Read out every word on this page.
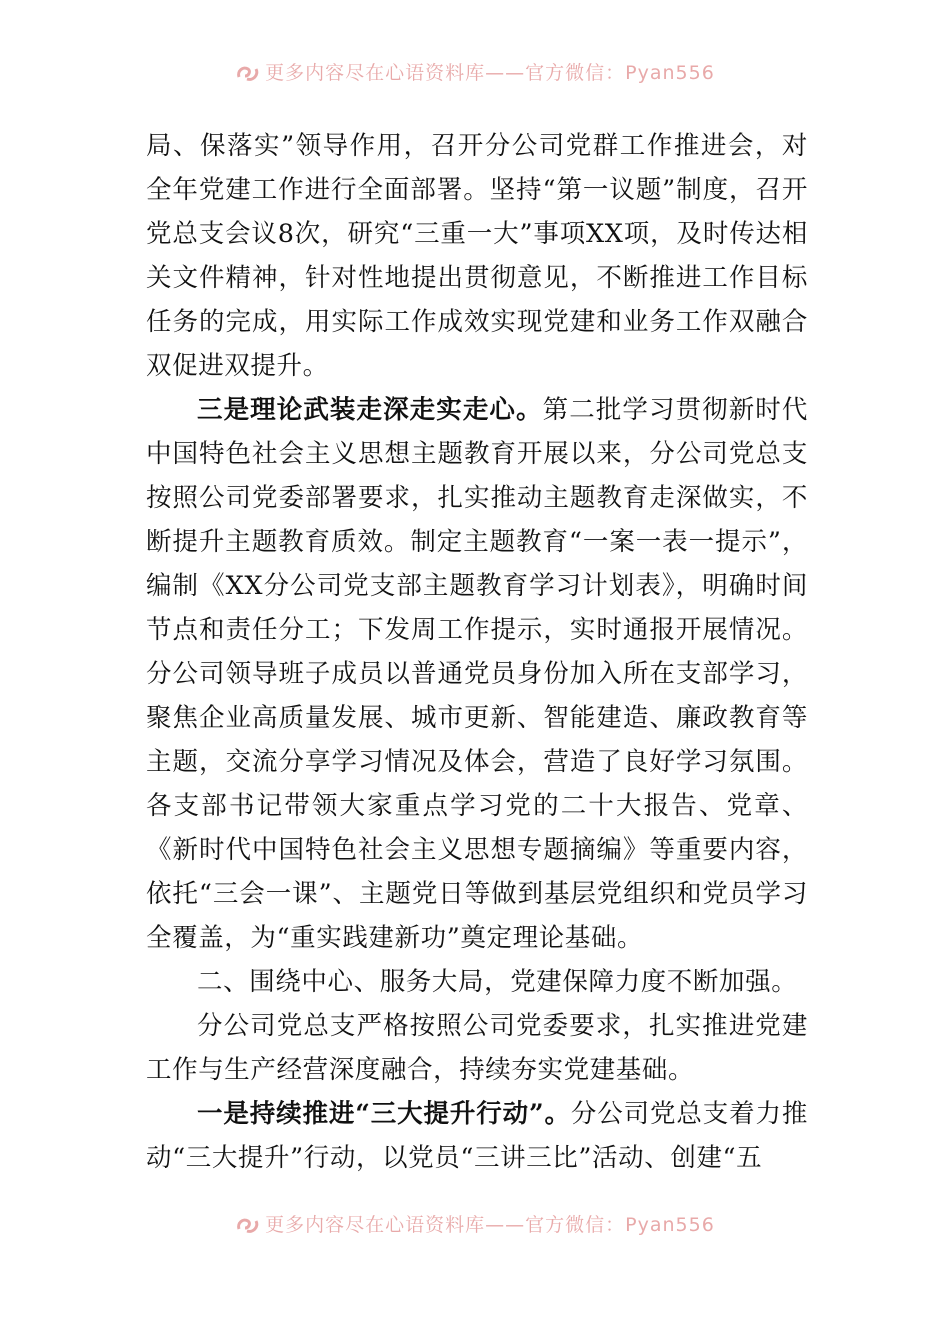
更多内容尽在心语资料库——官方微信：Pyan556

局、保落实”领导作用，召开分公司党群工作推进会，对全年党建工作进行全面部署。坚持“第一议题”制度，召开党总支会议8次，研究“三重一大”事项XX项，及时传达相关文件精神，针对性地提出贯彻意见，不断推进工作目标任务的完成，用实际工作成效实现党建和业务工作双融合双促进双提升。

三是理论武装走深走实走心。第二批学习贯彻新时代中国特色社会主义思想主题教育开展以来，分公司党总支按照公司党委部署要求，扎实推动主题教育走深做实，不断提升主题教育质效。制定主题教育“一案一表一提示”，编制《XX分公司党支部主题教育学习计划表》，明确时间节点和责任分工；下发周工作提示，实时通报开展情况。分公司领导班子成员以普通党员身份加入所在支部学习，聚焦企业高质量发展、城市更新、智能建造、廉政教育等主题，交流分享学习情况及体会，营造了良好学习氛围。各支部书记带领大家重点学习党的二十大报告、党章、《新时代中国特色社会主义思想专题摘编》等重要内容，依托“三会一课”、主题党日等做到基层党组织和党员学习全覆盖，为“重实践建新功”奠定理论基础。

二、围绕中心、服务大局，党建保障力度不断加强。

分公司党总支严格按照公司党委要求，扎实推进党建工作与生产经营深度融合，持续夯实党建基础。

一是持续推进“三大提升行动”。分公司党总支着力推动“三大提升”行动，以党员“三讲三比”活动、创建“五

更多内容尽在心语资料库——官方微信：Pyan556
